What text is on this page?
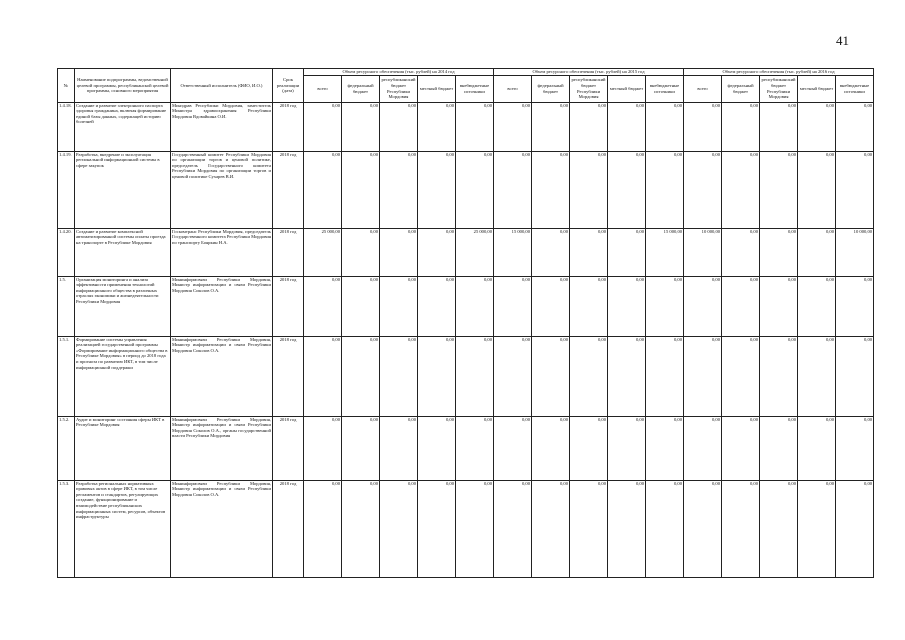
41
№	Наименование подпрограммы, ведомственной целевой программы, республиканской целевой программы, основного мероприятия	Ответственный исполнитель (ФИО, И.О.)	Срок реализации (дата)	Объем ресурсного обеспечения (тыс. рублей) на 2014 год					Объем ресурсного обеспечения (тыс. рублей) на 2015 год					Объем ресурсного обеспечения (тыс. рублей) на 2016 год				
				всего	федеральный бюджет	республиканский бюджет Республики Мордовия	местный бюджет	внебюджетные источники	всего	федеральный бюджет	республиканский бюджет Республики Мордовия	местный бюджет	внебюджетные источники	всего	федеральный бюджет	республиканский бюджет Республики Мордовия	местный бюджет	внебюджетные источники
1.4.18.	Создание и развитие электронного паспорта здоровья гражданина, включая формирование единой базы данных, содержащей историю болезней	Минздрав Республики Мордовия, заместитель Министра здравоохранения Республики Мордовия Вдовайкина О.И.	2018 год	0,00	0,00	0,00	0,00	0,00	0,00	0,00	0,00	0,00	0,00	0,00	0,00	0,00	0,00	0,00
1.4.19.	Разработка, внедрение и эксплуатация региональной информационной системы в сфере закупок	Государственный комитет Республики Мордовия по организации торгов и ценовой политике, председатель Государственного комитета Республики Мордовия по организации торгов и ценовой политике Сухарев В.И.	2018 год	0,00	0,00	0,00	0,00	0,00	0,00	0,00	0,00	0,00	0,00	0,00	0,00	0,00	0,00	0,00
1.4.20.	Создание и развитие комплексной автоматизированной системы оплаты проезда на транспорте в Республике Мордовия	Госкомтранс Республики Мордовия, председатель Государственного комитета Республики Мордовия по транспорту Бояркин Н.А.	2018 год	25 000,00	0,00	0,00	0,00	25 000,00	15 000,00	0,00	0,00	0,00	15 000,00	10 000,00	0,00	0,00	0,00	10 000,00
1.5.	Организация мониторинга и анализа эффективности применения технологий информационного общества в различных отраслях экономики и жизнедеятельности Республики Мордовия	Мининформсвязи Республики Мордовия, Министр информатизации и связи Республики Мордовия Соколов О.А.	2018 год	0,00	0,00	0,00	0,00	0,00	0,00	0,00	0,00	0,00	0,00	0,00	0,00	0,00	0,00	0,00
1.5.1.	Формирование системы управления реализацией государственной программы «Формирование информационного общества в Республике Мордовия» в период до 2018 года и прогноза по развитию ИКТ, в том числе информационной поддержки	Мининформсвязи Республики Мордовия, Министр информатизации и связи Республики Мордовия Соколов О.А.	2018 год	0,00	0,00	0,00	0,00	0,00	0,00	0,00	0,00	0,00	0,00	0,00	0,00	0,00	0,00	0,00
1.5.2.	Аудит и мониторинг состояния сферы ИКТ в Республике Мордовия	Мининформсвязи Республики Мордовия, Министр информатизации и связи Республики Мордовия Соколов О.А., органы государственной власти Республики Мордовия	2018 год	0,00	0,00	0,00	0,00	0,00	0,00	0,00	0,00	0,00	0,00	0,00	0,00	0,00	0,00	0,00
1.5.3.	Разработка региональных нормативных правовых актов в сфере ИКТ, в том числе регламентов и стандартов, регулирующих создание, функционирование и взаимодействие республиканских информационных систем, ресурсов, объектов инфраструктуры	Мининформсвязи Республики Мордовия, Министр информатизации и связи Республики Мордовия Соколов О.А.	2018 год	0,00	0,00	0,00	0,00	0,00	0,00	0,00	0,00	0,00	0,00	0,00	0,00	0,00	0,00	0,00
